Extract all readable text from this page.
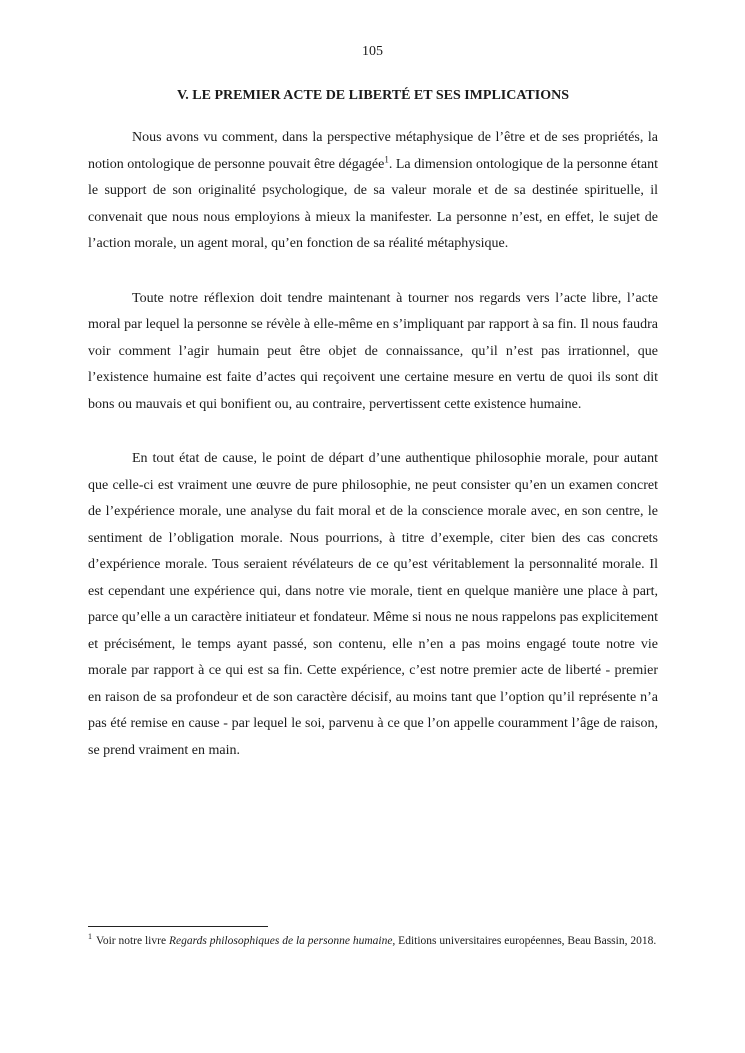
105
V. LE PREMIER ACTE DE LIBERTÉ ET SES IMPLICATIONS

Nous avons vu comment, dans la perspective métaphysique de l’être et de ses propriétés, la notion ontologique de personne pouvait être dégagée$^1$. La dimension ontologique de la personne étant le support de son originalité psychologique, de sa valeur morale et de sa destinée spirituelle, il convenait que nous nous employions à mieux la manifester. La personne n’est, en effet, le sujet de l’action morale, un agent moral, qu’en fonction de sa réalité métaphysique.

Toute notre réflexion doit tendre maintenant à tourner nos regards vers l’acte libre, l’acte moral par lequel la personne se révèle à elle-même en s’impliquant par rapport à sa fin. Il nous faudra voir comment l’agir humain peut être objet de connaissance, qu’il n’est pas irrationnel, que l’existence humaine est faite d’actes qui reçoivent une certaine mesure en vertu de quoi ils sont dit bons ou mauvais et qui bonifient ou, au contraire, pervertissent cette existence humaine.

En tout état de cause, le point de départ d’une authentique philosophie morale, pour autant que celle-ci est vraiment une œuvre de pure philosophie, ne peut consister qu’en un examen concret de l’expérience morale, une analyse du fait moral et de la conscience morale avec, en son centre, le sentiment de l’obligation morale. Nous pourrions, à titre d’exemple, citer bien des cas concrets d’expérience morale. Tous seraient révélateurs de ce qu’est véritablement la personnalité morale. Il est cependant une expérience qui, dans notre vie morale, tient en quelque manière une place à part, parce qu’elle a un caractère initiateur et fondateur. Même si nous ne nous rappelons pas explicitement et précisément, le temps ayant passé, son contenu, elle n’en a pas moins engagé toute notre vie morale par rapport à ce qui est sa fin. Cette expérience, c’est notre premier acte de liberté - premier en raison de sa profondeur et de son caractère décisif, au moins tant que l’option qu’il représente n’a pas été remise en cause - par lequel le soi, parvenu à ce que l’on appelle couramment l’âge de raison, se prend vraiment en main.

$^1$ Voir notre livre Regards philosophiques de la personne humaine, Editions universitaires européennes, Beau Bassin, 2018.
